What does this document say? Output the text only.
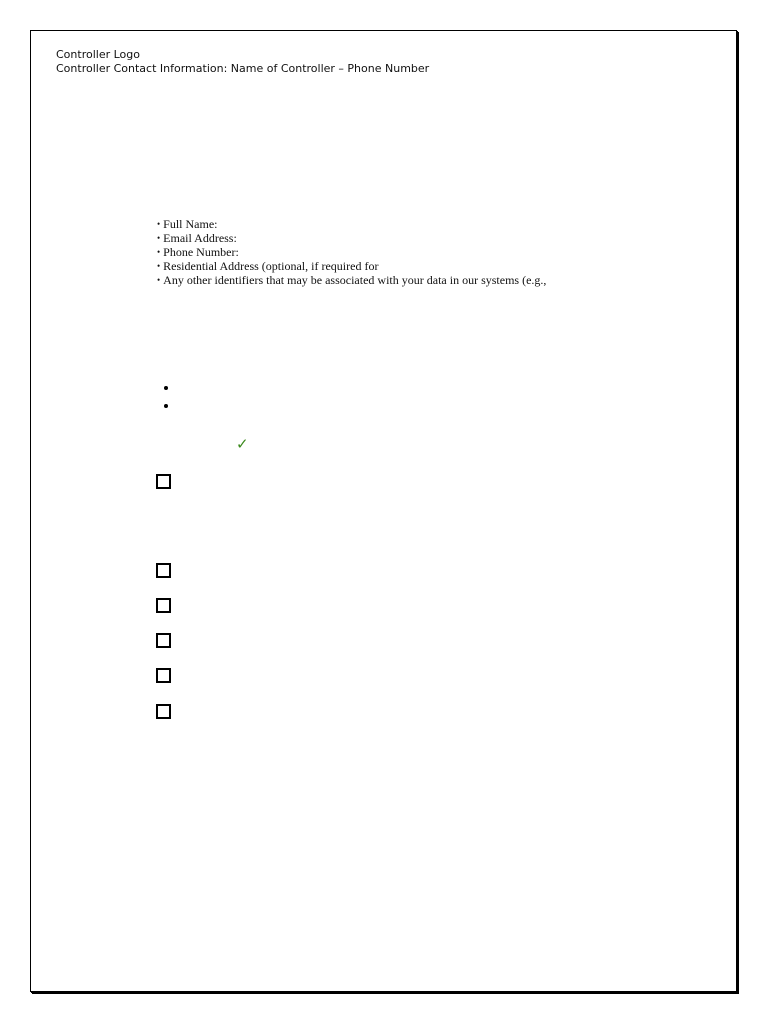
Controller Logo
Controller Contact Information: Name of Controller – Phone Number
• Full Name:
• Email Address:
• Phone Number:
• Residential Address (optional, if required for
• Any other identifiers that may be associated with your data in our systems (e.g.,
✓
